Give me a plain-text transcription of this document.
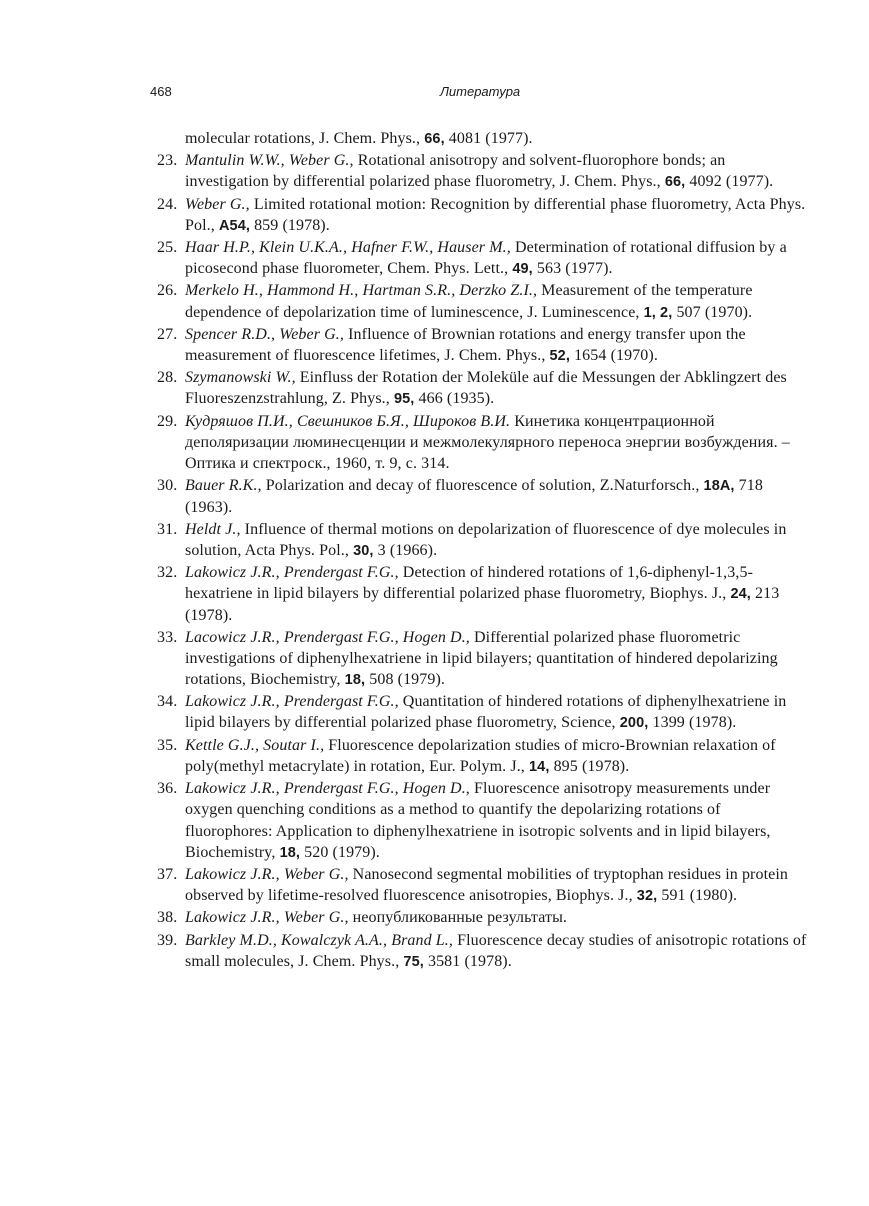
468	Литература
molecular rotations, J. Chem. Phys., 66, 4081 (1977).
23. Mantulin W.W., Weber G., Rotational anisotropy and solvent-fluorophore bonds; an investigation by differential polarized phase fluorometry, J. Chem. Phys., 66, 4092 (1977).
24. Weber G., Limited rotational motion: Recognition by differential phase fluorometry, Acta Phys. Pol., A54, 859 (1978).
25. Haar H.P., Klein U.K.A., Hafner F.W., Hauser M., Determination of rotational diffusion by a picosecond phase fluorometer, Chem. Phys. Lett., 49, 563 (1977).
26. Merkelo H., Hammond H., Hartman S.R., Derzko Z.I., Measurement of the temperature dependence of depolarization time of luminescence, J. Luminescence, 1, 2, 507 (1970).
27. Spencer R.D., Weber G., Influence of Brownian rotations and energy transfer upon the measurement of fluorescence lifetimes, J. Chem. Phys., 52, 1654 (1970).
28. Szymanowski W., Einfluss der Rotation der Moleküle auf die Messungen der Abklingzert des Fluoreszenzstrahlung, Z. Phys., 95, 466 (1935).
29. Кудряшов П.И., Свешников Б.Я., Широков В.И. Кинетика концентрационной деполяризации люминесценции и межмолекулярного переноса энергии возбуждения. – Оптика и спектроск., 1960, т. 9, с. 314.
30. Bauer R.K., Polarization and decay of fluorescence of solution, Z.Naturforsch., 18A, 718 (1963).
31. Heldt J., Influence of thermal motions on depolarization of fluorescence of dye molecules in solution, Acta Phys. Pol., 30, 3 (1966).
32. Lakowicz J.R., Prendergast F.G., Detection of hindered rotations of 1,6-diphenyl-1,3,5-hexatriene in lipid bilayers by differential polarized phase fluorometry, Biophys. J., 24, 213 (1978).
33. Lacowicz J.R., Prendergast F.G., Hogen D., Differential polarized phase fluorometric investigations of diphenylhexatriene in lipid bilayers; quantitation of hindered depolarizing rotations, Biochemistry, 18, 508 (1979).
34. Lakowicz J.R., Prendergast F.G., Quantitation of hindered rotations of diphenylhexatriene in lipid bilayers by differential polarized phase fluorometry, Science, 200, 1399 (1978).
35. Kettle G.J., Soutar I., Fluorescence depolarization studies of micro-Brownian relaxation of poly(methyl metacrylate) in rotation, Eur. Polym. J., 14, 895 (1978).
36. Lakowicz J.R., Prendergast F.G., Hogen D., Fluorescence anisotropy measurements under oxygen quenching conditions as a method to quantify the depolarizing rotations of fluorophores: Application to diphenylhexatriene in isotropic solvents and in lipid bilayers, Biochemistry, 18, 520 (1979).
37. Lakowicz J.R., Weber G., Nanosecond segmental mobilities of tryptophan residues in protein observed by lifetime-resolved fluorescence anisotropies, Biophys. J., 32, 591 (1980).
38. Lakowicz J.R., Weber G., неопубликованные результаты.
39. Barkley M.D., Kowalczyk A.A., Brand L., Fluorescence decay studies of anisotropic rotations of small molecules, J. Chem. Phys., 75, 3581 (1978).
